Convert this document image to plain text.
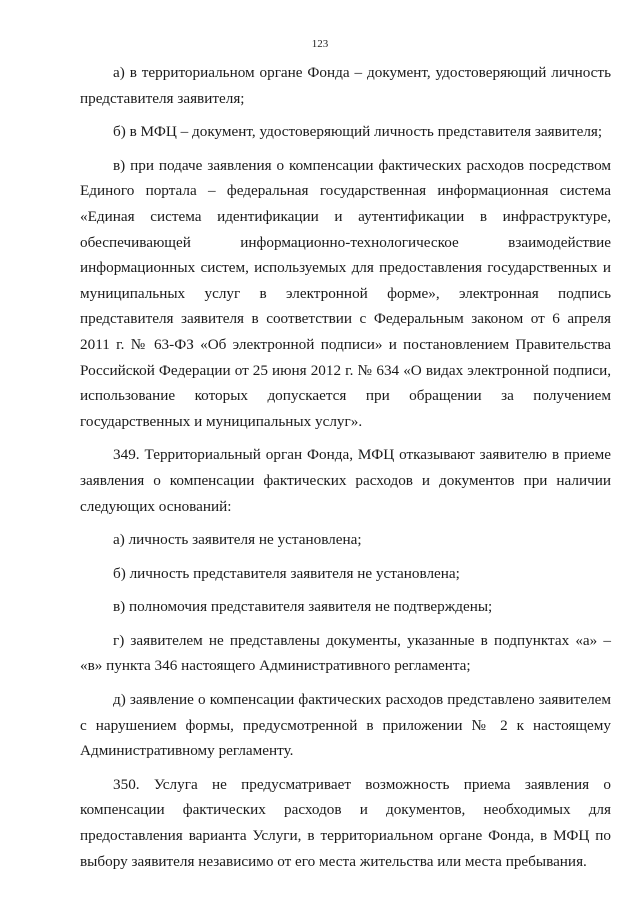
123

а) в территориальном органе Фонда – документ, удостоверяющий личность представителя заявителя;

б) в МФЦ – документ, удостоверяющий личность представителя заявителя;

в) при подаче заявления о компенсации фактических расходов посредством Единого портала – федеральная государственная информационная система «Единая система идентификации и аутентификации в инфраструктуре, обеспечивающей информационно-технологическое взаимодействие информационных систем, используемых для предоставления государственных и муниципальных услуг в электронной форме», электронная подпись представителя заявителя в соответствии с Федеральным законом от 6 апреля 2011 г. № 63-ФЗ «Об электронной подписи» и постановлением Правительства Российской Федерации от 25 июня 2012 г. № 634 «О видах электронной подписи, использование которых допускается при обращении за получением государственных и муниципальных услуг».

349. Территориальный орган Фонда, МФЦ отказывают заявителю в приеме заявления о компенсации фактических расходов и документов при наличии следующих оснований:

а) личность заявителя не установлена;

б) личность представителя заявителя не установлена;

в) полномочия представителя заявителя не подтверждены;

г) заявителем не представлены документы, указанные в подпунктах «а» – «в» пункта 346 настоящего Административного регламента;

д) заявление о компенсации фактических расходов представлено заявителем с нарушением формы, предусмотренной в приложении № 2 к настоящему Административному регламенту.

350. Услуга не предусматривает возможность приема заявления о компенсации фактических расходов и документов, необходимых для предоставления варианта Услуги, в территориальном органе Фонда, в МФЦ по выбору заявителя независимо от его места жительства или места пребывания.
